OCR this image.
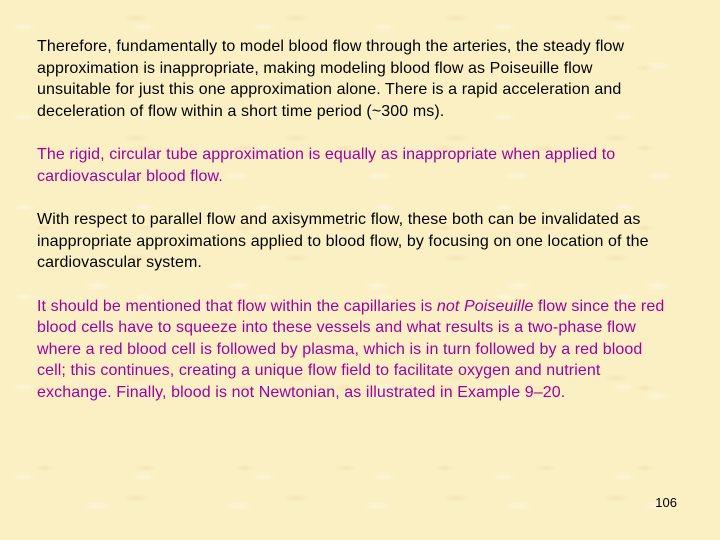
Therefore, fundamentally to model blood flow through the arteries, the steady flow approximation is inappropriate, making modeling blood flow as Poiseuille flow unsuitable for just this one approximation alone. There is a rapid acceleration and deceleration of flow within a short time period (~300 ms).

The rigid, circular tube approximation is equally as inappropriate when applied to cardiovascular blood flow.

With respect to parallel flow and axisymmetric flow, these both can be invalidated as inappropriate approximations applied to blood flow, by focusing on one location of the cardiovascular system.

It should be mentioned that flow within the capillaries is not Poiseuille flow since the red blood cells have to squeeze into these vessels and what results is a two-phase flow where a red blood cell is followed by plasma, which is in turn followed by a red blood cell; this continues, creating a unique flow field to facilitate oxygen and nutrient exchange. Finally, blood is not Newtonian, as illustrated in Example 9–20.

106
